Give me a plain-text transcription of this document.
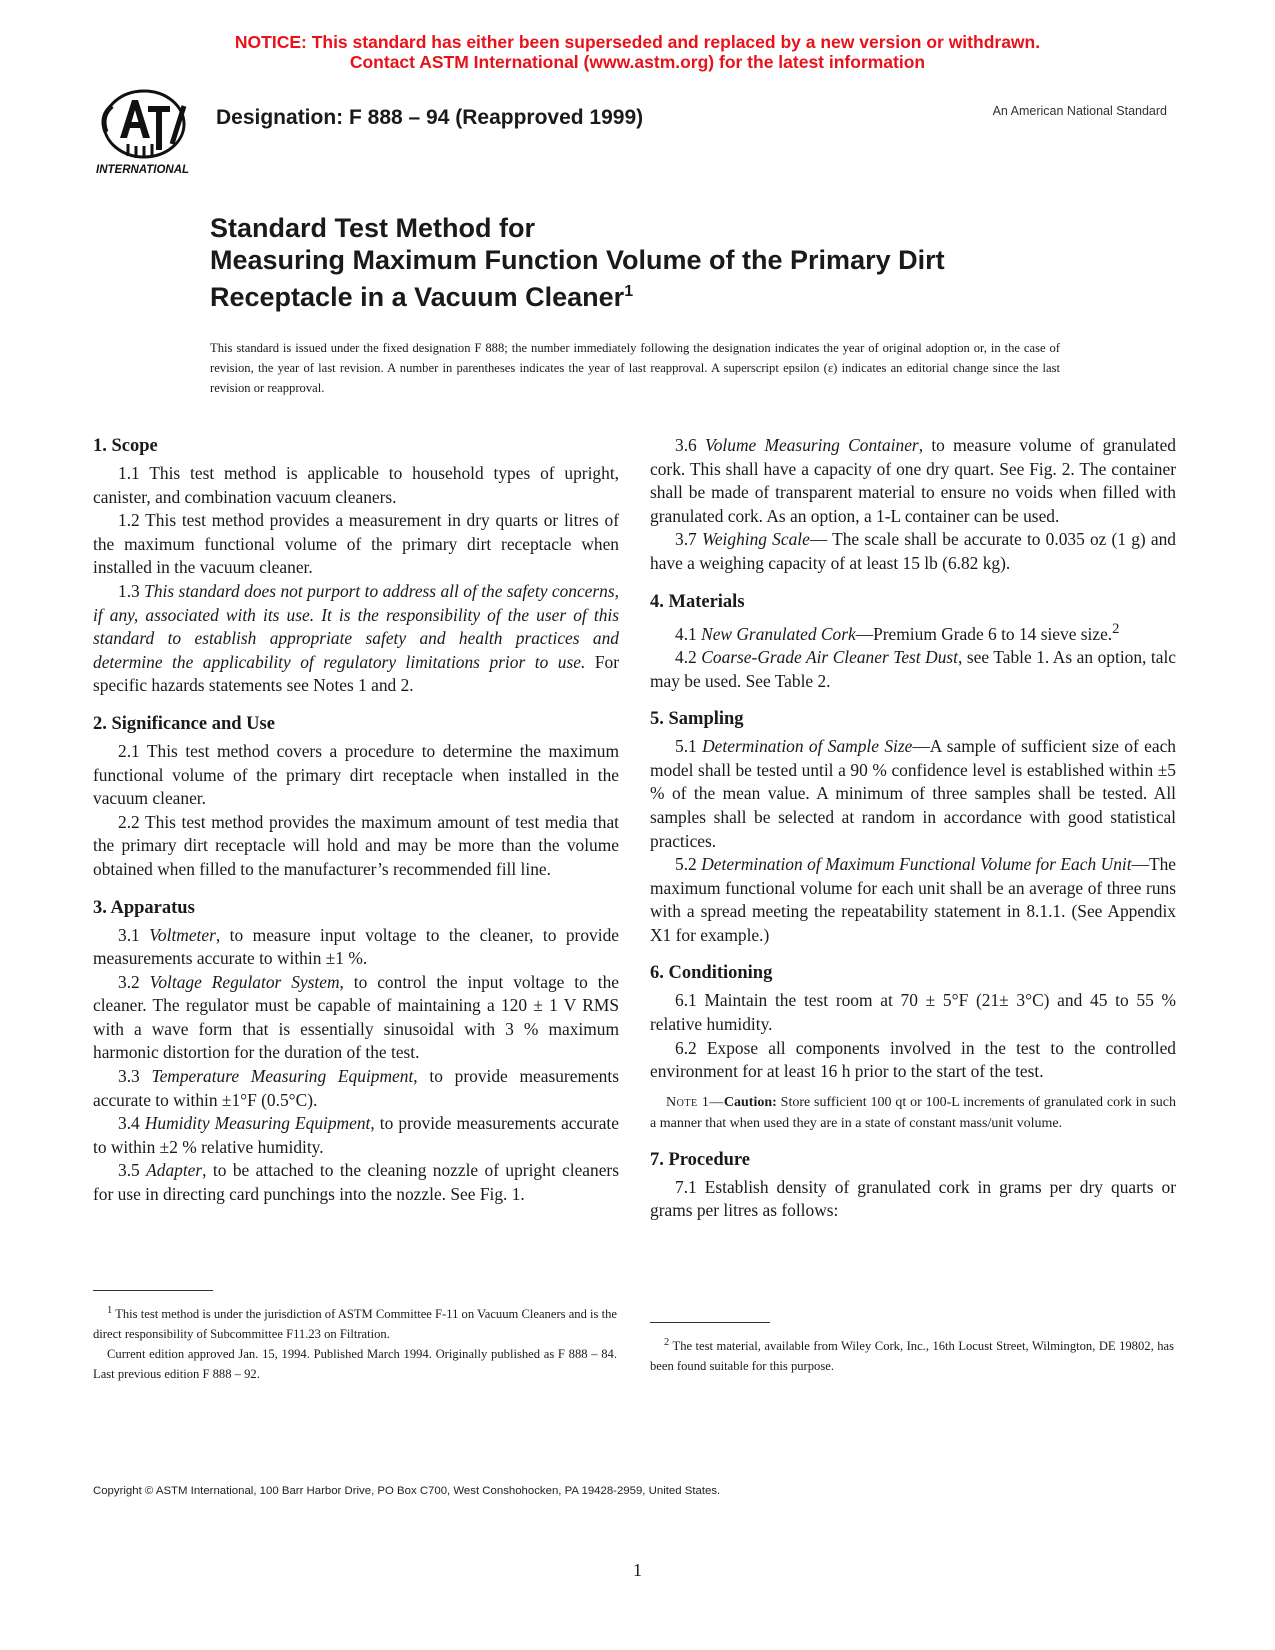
NOTICE: This standard has either been superseded and replaced by a new version or withdrawn.
Contact ASTM International (www.astm.org) for the latest information
INTERNATIONAL
Designation: F 888 – 94 (Reapproved 1999)	An American National Standard
Standard Test Method for
Measuring Maximum Function Volume of the Primary Dirt
Receptacle in a Vacuum Cleaner$^1$
This standard is issued under the fixed designation F 888; the number immediately following the designation indicates the year of original adoption or, in the case of revision, the year of last revision. A number in parentheses indicates the year of last reapproval. A superscript epsilon (ε) indicates an editorial change since the last revision or reapproval.
1. Scope

1.1 This test method is applicable to household types of upright, canister, and combination vacuum cleaners.

1.2 This test method provides a measurement in dry quarts or litres of the maximum functional volume of the primary dirt receptacle when installed in the vacuum cleaner.

1.3 This standard does not purport to address all of the safety concerns, if any, associated with its use. It is the responsibility of the user of this standard to establish appropriate safety and health practices and determine the applicability of regulatory limitations prior to use. For specific hazards statements see Notes 1 and 2.

2. Significance and Use

2.1 This test method covers a procedure to determine the maximum functional volume of the primary dirt receptacle when installed in the vacuum cleaner.

2.2 This test method provides the maximum amount of test media that the primary dirt receptacle will hold and may be more than the volume obtained when filled to the manufacturer’s recommended fill line.

3. Apparatus

3.1 Voltmeter, to measure input voltage to the cleaner, to provide measurements accurate to within ±1 %.

3.2 Voltage Regulator System, to control the input voltage to the cleaner. The regulator must be capable of maintaining a 120 ± 1 V RMS with a wave form that is essentially sinusoidal with 3 % maximum harmonic distortion for the duration of the test.

3.3 Temperature Measuring Equipment, to provide measurements accurate to within ±1°F (0.5°C).

3.4 Humidity Measuring Equipment, to provide measurements accurate to within ±2 % relative humidity.

3.5 Adapter, to be attached to the cleaning nozzle of upright cleaners for use in directing card punchings into the nozzle. See Fig. 1.

3.6 Volume Measuring Container, to measure volume of granulated cork. This shall have a capacity of one dry quart. See Fig. 2. The container shall be made of transparent material to ensure no voids when filled with granulated cork. As an option, a 1-L container can be used.

3.7 Weighing Scale— The scale shall be accurate to 0.035 oz (1 g) and have a weighing capacity of at least 15 lb (6.82 kg).

4. Materials

4.1 New Granulated Cork—Premium Grade 6 to 14 sieve size.$^2$

4.2 Coarse-Grade Air Cleaner Test Dust, see Table 1. As an option, talc may be used. See Table 2.

5. Sampling

5.1 Determination of Sample Size—A sample of sufficient size of each model shall be tested until a 90 % confidence level is established within ±5 % of the mean value. A minimum of three samples shall be tested. All samples shall be selected at random in accordance with good statistical practices.

5.2 Determination of Maximum Functional Volume for Each Unit—The maximum functional volume for each unit shall be an average of three runs with a spread meeting the repeatability statement in 8.1.1. (See Appendix X1 for example.)

6. Conditioning

6.1 Maintain the test room at 70 ± 5°F (21± 3°C) and 45 to 55 % relative humidity.

6.2 Expose all components involved in the test to the controlled environment for at least 16 h prior to the start of the test.

Note 1—Caution: Store sufficient 100 qt or 100-L increments of granulated cork in such a manner that when used they are in a state of constant mass/unit volume.

7. Procedure

7.1 Establish density of granulated cork in grams per dry quarts or grams per litres as follows:

$^1$ This test method is under the jurisdiction of ASTM Committee F-11 on Vacuum Cleaners and is the direct responsibility of Subcommittee F11.23 on Filtration.

Current edition approved Jan. 15, 1994. Published March 1994. Originally published as F 888 – 84. Last previous edition F 888 – 92.

$^2$ The test material, available from Wiley Cork, Inc., 16th Locust Street, Wilmington, DE 19802, has been found suitable for this purpose.

Copyright © ASTM International, 100 Barr Harbor Drive, PO Box C700, West Conshohocken, PA 19428-2959, United States.
1
